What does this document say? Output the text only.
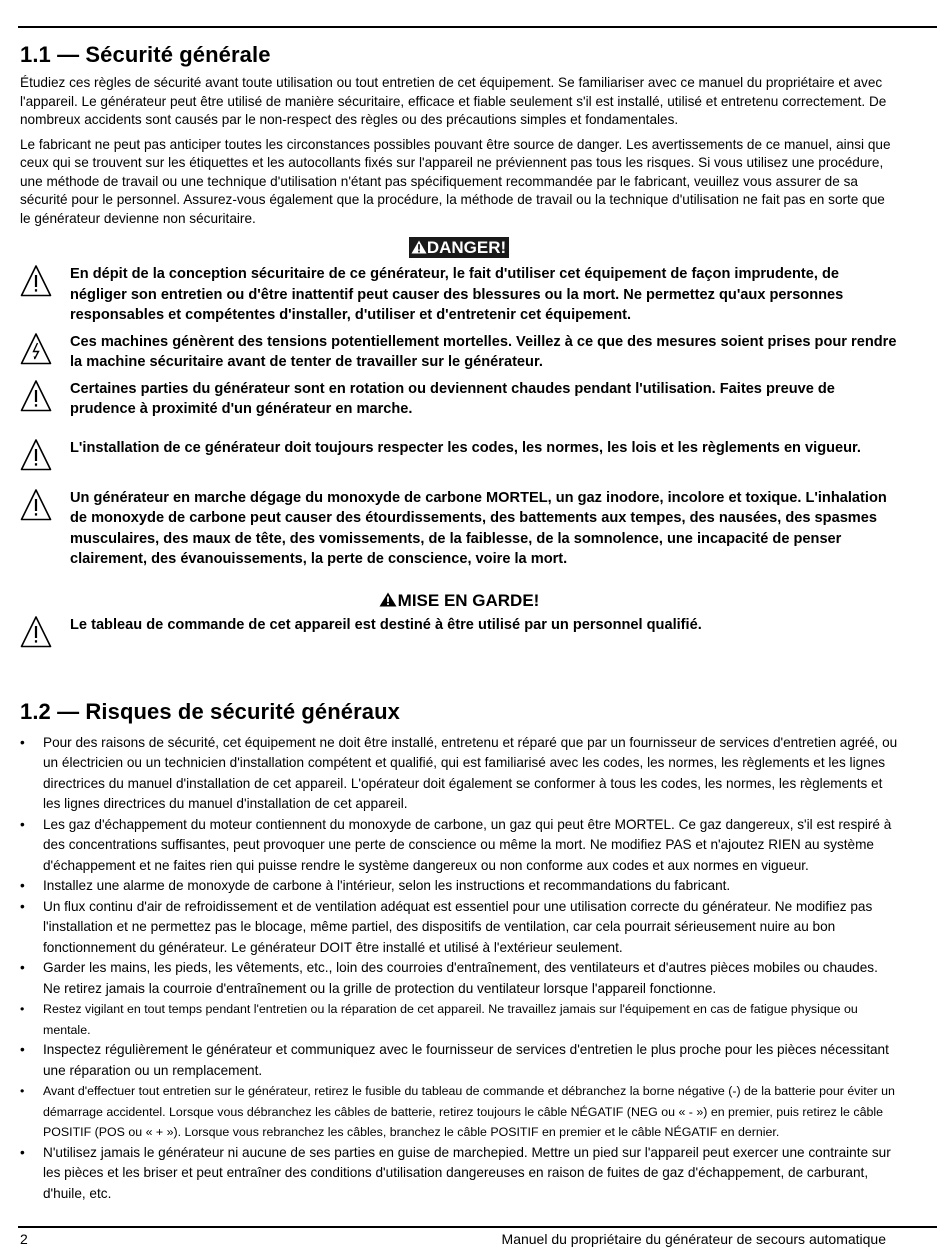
1.1 — Sécurité générale

Étudiez ces règles de sécurité avant toute utilisation ou tout entretien de cet équipement. Se familiariser avec ce manuel du propriétaire et avec l'appareil. Le générateur peut être utilisé de manière sécuritaire, efficace et fiable seulement s'il est installé, utilisé et entretenu correctement. De nombreux accidents sont causés par le non-respect des règles ou des précautions simples et fondamentales.

Le fabricant ne peut pas anticiper toutes les circonstances possibles pouvant être source de danger. Les avertissements de ce manuel, ainsi que ceux qui se trouvent sur les étiquettes et les autocollants fixés sur l'appareil ne préviennent pas tous les risques. Si vous utilisez une procédure, une méthode de travail ou une technique d'utilisation n'étant pas spécifiquement recommandée par le fabricant, veuillez vous assurer de sa sécurité pour le personnel. Assurez-vous également que la procédure, la méthode de travail ou la technique d'utilisation ne fait pas en sorte que le générateur devienne non sécuritaire.

DANGER!

En dépit de la conception sécuritaire de ce générateur, le fait d'utiliser cet équipement de façon imprudente, de négliger son entretien ou d'être inattentif peut causer des blessures ou la mort. Ne permettez qu'aux personnes responsables et compétentes d'installer, d'utiliser et d'entretenir cet équipement.

Ces machines génèrent des tensions potentiellement mortelles. Veillez à ce que des mesures soient prises pour rendre la machine sécuritaire avant de tenter de travailler sur le générateur.

Certaines parties du générateur sont en rotation ou deviennent chaudes pendant l'utilisation. Faites preuve de prudence à proximité d'un générateur en marche.

L'installation de ce générateur doit toujours respecter les codes, les normes, les lois et les règlements en vigueur.

Un générateur en marche dégage du monoxyde de carbone MORTEL, un gaz inodore, incolore et toxique. L'inhalation de monoxyde de carbone peut causer des étourdissements, des battements aux tempes, des nausées, des spasmes musculaires, des maux de tête, des vomissements, de la faiblesse, de la somnolence, une incapacité de penser clairement, des évanouissements, la perte de conscience, voire la mort.

MISE EN GARDE!

Le tableau de commande de cet appareil est destiné à être utilisé par un personnel qualifié.

1.2 — Risques de sécurité généraux
• Pour des raisons de sécurité, cet équipement ne doit être installé, entretenu et réparé que par un fournisseur de services d'entretien agréé, ou un électricien ou un technicien d'installation compétent et qualifié, qui est familiarisé avec les codes, les normes, les règlements et les lignes directrices du manuel d'installation de cet appareil. L'opérateur doit également se conformer à tous les codes, les normes, les règlements et les lignes directrices du manuel d'installation de cet appareil.
• Les gaz d'échappement du moteur contiennent du monoxyde de carbone, un gaz qui peut être MORTEL. Ce gaz dangereux, s'il est respiré à des concentrations suffisantes, peut provoquer une perte de conscience ou même la mort. Ne modifiez PAS et n'ajoutez RIEN au système d'échappement et ne faites rien qui puisse rendre le système dangereux ou non conforme aux codes et aux normes en vigueur.
• Installez une alarme de monoxyde de carbone à l'intérieur, selon les instructions et recommandations du fabricant.
• Un flux continu d'air de refroidissement et de ventilation adéquat est essentiel pour une utilisation correcte du générateur. Ne modifiez pas l'installation et ne permettez pas le blocage, même partiel, des dispositifs de ventilation, car cela pourrait sérieusement nuire au bon fonctionnement du générateur. Le générateur DOIT être installé et utilisé à l'extérieur seulement.
• Garder les mains, les pieds, les vêtements, etc., loin des courroies d'entraînement, des ventilateurs et d'autres pièces mobiles ou chaudes. Ne retirez jamais la courroie d'entraînement ou la grille de protection du ventilateur lorsque l'appareil fonctionne.
• Restez vigilant en tout temps pendant l'entretien ou la réparation de cet appareil. Ne travaillez jamais sur l'équipement en cas de fatigue physique ou mentale.
• Inspectez régulièrement le générateur et communiquez avec le fournisseur de services d'entretien le plus proche pour les pièces nécessitant une réparation ou un remplacement.
• Avant d'effectuer tout entretien sur le générateur, retirez le fusible du tableau de commande et débranchez la borne négative (-) de la batterie pour éviter un démarrage accidentel. Lorsque vous débranchez les câbles de batterie, retirez toujours le câble NÉGATIF (NEG ou « - ») en premier, puis retirez le câble POSITIF (POS ou « + »). Lorsque vous rebranchez les câbles, branchez le câble POSITIF en premier et le câble NÉGATIF en dernier.
• N'utilisez jamais le générateur ni aucune de ses parties en guise de marchepied. Mettre un pied sur l'appareil peut exercer une contrainte sur les pièces et les briser et peut entraîner des conditions d'utilisation dangereuses en raison de fuites de gaz d'échappement, de carburant, d'huile, etc.
2	Manuel du propriétaire du générateur de secours automatique
